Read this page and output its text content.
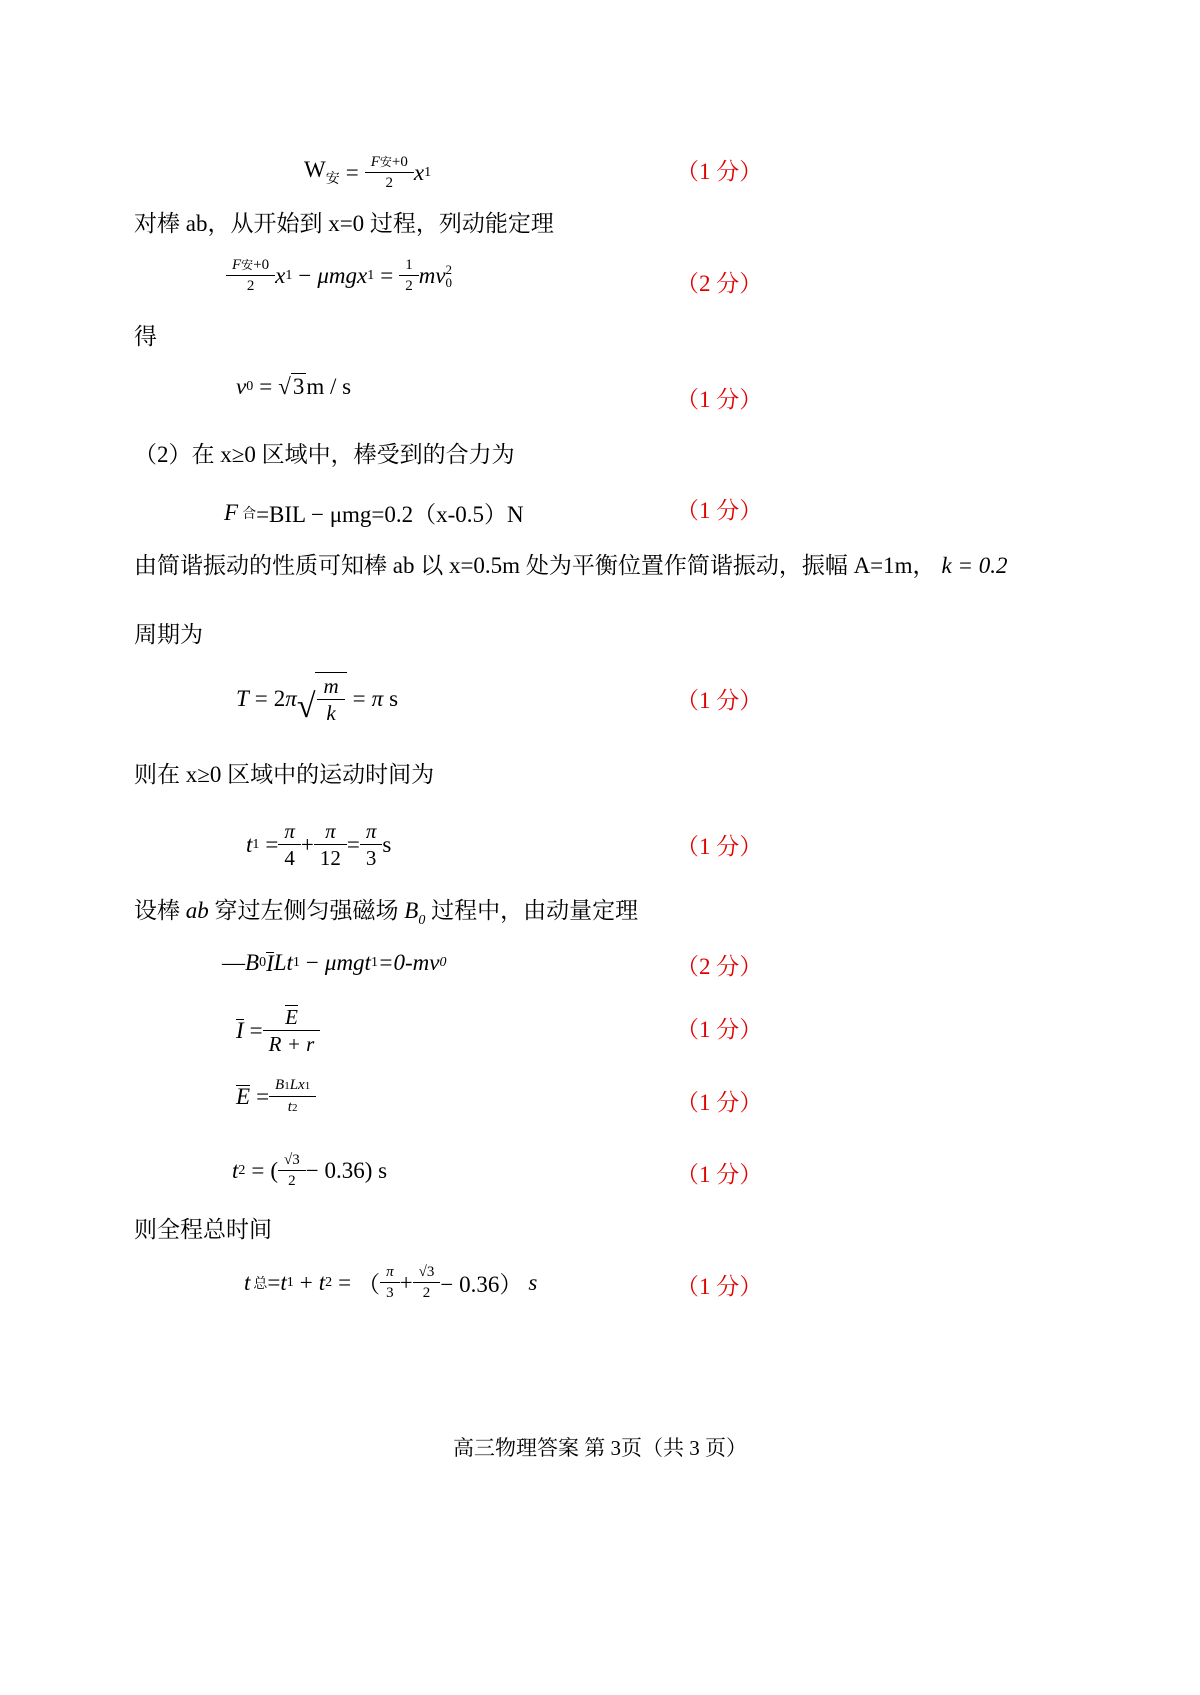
$W_安 = \frac{\text{F安+0}}{2}$ x 1	（1 分）
对棒 ab，从开始到 x=0 过程，列动能定理
$\frac{\text{F安+0}}{2}$ x 1 − μmgx $1 = \frac{1}{2}$ mv 2
0	（2 分）
得
v 0 = √ 3 m / s
（1 分）
（2）在 x≥0 区域中，棒受到的合力为
F 合 =BIL − μmg=0.2（x-0.5）N	（1 分）
由简谐振动的性质可知棒 ab 以 x=0.5m 处为平衡位置作简谐振动，振幅 A=1m， k = 0.2
周期为
T = 2 π √ $\frac{m}{k} = \pi$ s	（1 分）
则在 x≥0 区域中的运动时间为
t $1 = \frac{\pi}{4} + \frac{\pi}{12} = \frac{\pi}{3}$ s	（1 分）
设棒 ab 穿过左侧匀强磁场 $B_0$ 过程中，由动量定理
— B 0 I Lt 1 − μmgt 1 =0-mv 0	（2 分）
$I = \frac{E}{R + r}$	（1 分）
$E = \frac{B1Lx1}{t2}$	（1 分）
t 2 = ( $\frac{√3}{2} - 0.36$) s	（1 分）
则全程总时间
t 总 = t 1 + t 2 = （ $\frac{\pi}{3} + \frac{√3}{2} - 0.36$） s	（1 分）
高三物理答案 第 3页（共 3 页）
